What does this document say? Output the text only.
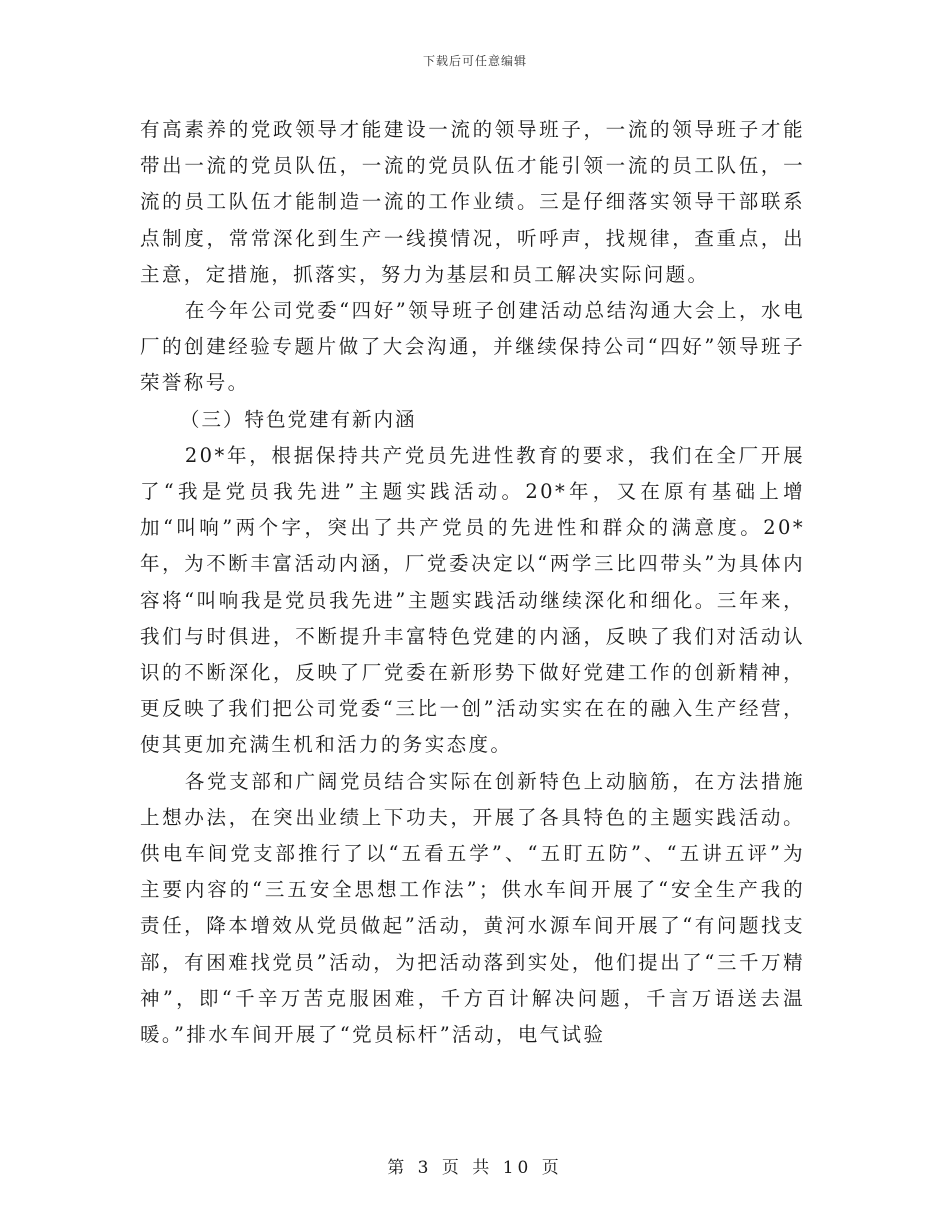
下载后可任意编辑

有高素养的党政领导才能建设一流的领导班子，一流的领导班子才能带出一流的党员队伍，一流的党员队伍才能引领一流的员工队伍，一流的员工队伍才能制造一流的工作业绩。三是仔细落实领导干部联系点制度，常常深化到生产一线摸情况，听呼声，找规律，查重点，出主意，定措施，抓落实，努力为基层和员工解决实际问题。

在今年公司党委“四好”领导班子创建活动总结沟通大会上，水电厂的创建经验专题片做了大会沟通，并继续保持公司“四好”领导班子荣誉称号。

（三）特色党建有新内涵

20*年，根据保持共产党员先进性教育的要求，我们在全厂开展了“我是党员我先进”主题实践活动。20*年，又在原有基础上增加“叫响”两个字，突出了共产党员的先进性和群众的满意度。20*年，为不断丰富活动内涵，厂党委决定以“两学三比四带头”为具体内容将“叫响我是党员我先进”主题实践活动继续深化和细化。三年来，我们与时俱进，不断提升丰富特色党建的内涵，反映了我们对活动认识的不断深化，反映了厂党委在新形势下做好党建工作的创新精神，更反映了我们把公司党委“三比一创”活动实实在在的融入生产经营，使其更加充满生机和活力的务实态度。

各党支部和广阔党员结合实际在创新特色上动脑筋，在方法措施上想办法，在突出业绩上下功夫，开展了各具特色的主题实践活动。供电车间党支部推行了以“五看五学”、“五盯五防”、“五讲五评”为主要内容的“三五安全思想工作法”；供水车间开展了“安全生产我的责任，降本增效从党员做起”活动，黄河水源车间开展了“有问题找支部，有困难找党员”活动，为把活动落到实处，他们提出了“三千万精神”，即“千辛万苦克服困难，千方百计解决问题，千言万语送去温暖。”排水车间开展了“党员标杆”活动，电气试验

第 3 页 共 10 页
